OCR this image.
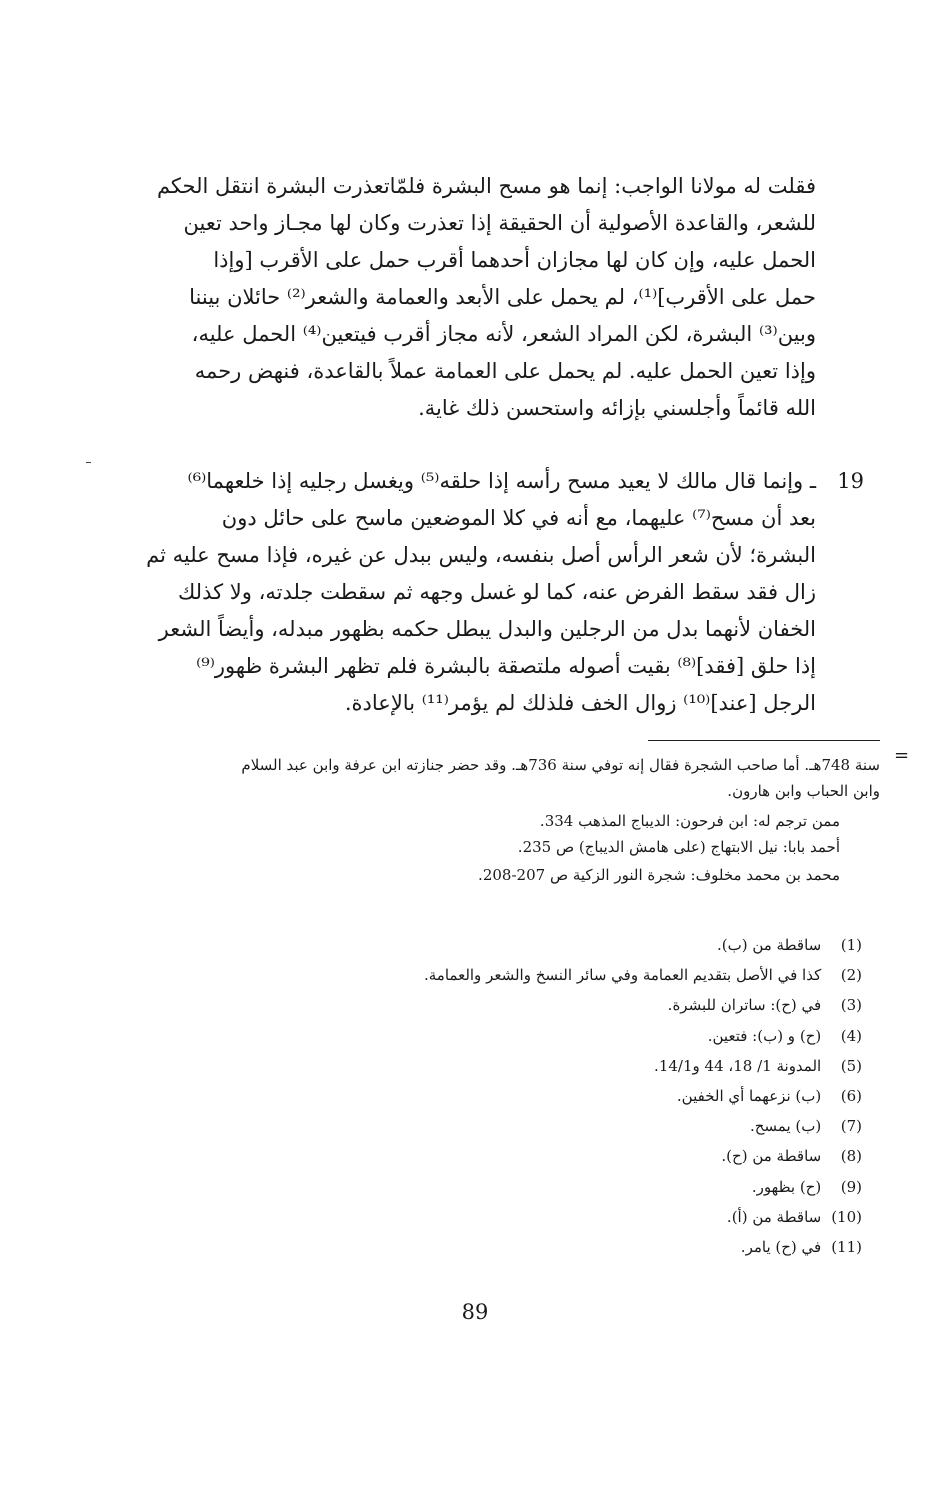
فقلت له مولانا الواجب: إنما هو مسح البشرة فلمّاتعذرت البشرة انتقل الحكم

للشعر، والقاعدة الأصولية أن الحقيقة إذا تعذرت وكان لها مجـاز واحد تعين

الحمل عليه، وإن كان لها مجازان أحدهما أقرب حمل على الأقرب [وإذا

حمل على الأقرب]⁽¹⁾، لم يحمل على الأبعد والعمامة والشعر⁽²⁾ حائلان بيننا

وبين⁽³⁾ البشرة، لكن المراد الشعر، لأنه مجاز أقرب فيتعين⁽⁴⁾ الحمل عليه،

وإذا تعين الحمل عليه. لم يحمل على العمامة عملاً بالقاعدة، فنهض رحمه

الله قائماً وأجلسني بإزائه واستحسن ذلك غاية.

19

ـ وإنما قال مالك لا يعيد مسح رأسه إذا حلقه⁽⁵⁾ ويغسل رجليه إذا خلعهما⁽⁶⁾

بعد أن مسح⁽⁷⁾ عليهما، مع أنه في كلا الموضعين ماسح على حائل دون

البشرة؛ لأن شعر الرأس أصل بنفسه، وليس ببدل عن غيره، فإذا مسح عليه ثم

زال فقد سقط الفرض عنه، كما لو غسل وجهه ثم سقطت جلدته، ولا كذلك

الخفان لأنهما بدل من الرجلين والبدل يبطل حكمه بظهور مبدله، وأيضاً الشعر

إذا حلق [فقد]⁽⁸⁾ بقيت أصوله ملتصقة بالبشرة فلم تظهر البشرة ظهور⁽⁹⁾

الرجل [عند]⁽¹⁰⁾ زوال الخف فلذلك لم يؤمر⁽¹¹⁾ بالإعادة.

=
سنة 748هـ. أما صاحب الشجرة فقال إنه توفي سنة 736هـ. وقد حضر جنازته ابن عرفة وابن عبد السلام
وابن الحباب وابن هارون.
ممن ترجم له: ابن فرحون: الديباج المذهب 334.
أحمد بابا: نيل الابتهاج (على هامش الديباج) ص 235.
محمد بن محمد مخلوف: شجرة النور الزكية ص 207-208.
(1) ساقطة من (ب).
(2) كذا في الأصل بتقديم العمامة وفي سائر النسخ والشعر والعمامة.
(3) في (ح): ساتران للبشرة.
(4) (ح) و (ب): فتعين.
(5) المدونة 1/ 18، 44 و14/1.
(6) (ب) نزعهما أي الخفين.
(7) (ب) يمسح.
(8) ساقطة من (ح).
(9) (ح) بظهور.
(10) ساقطة من (أ).
(11) في (ح) يامر.
89
